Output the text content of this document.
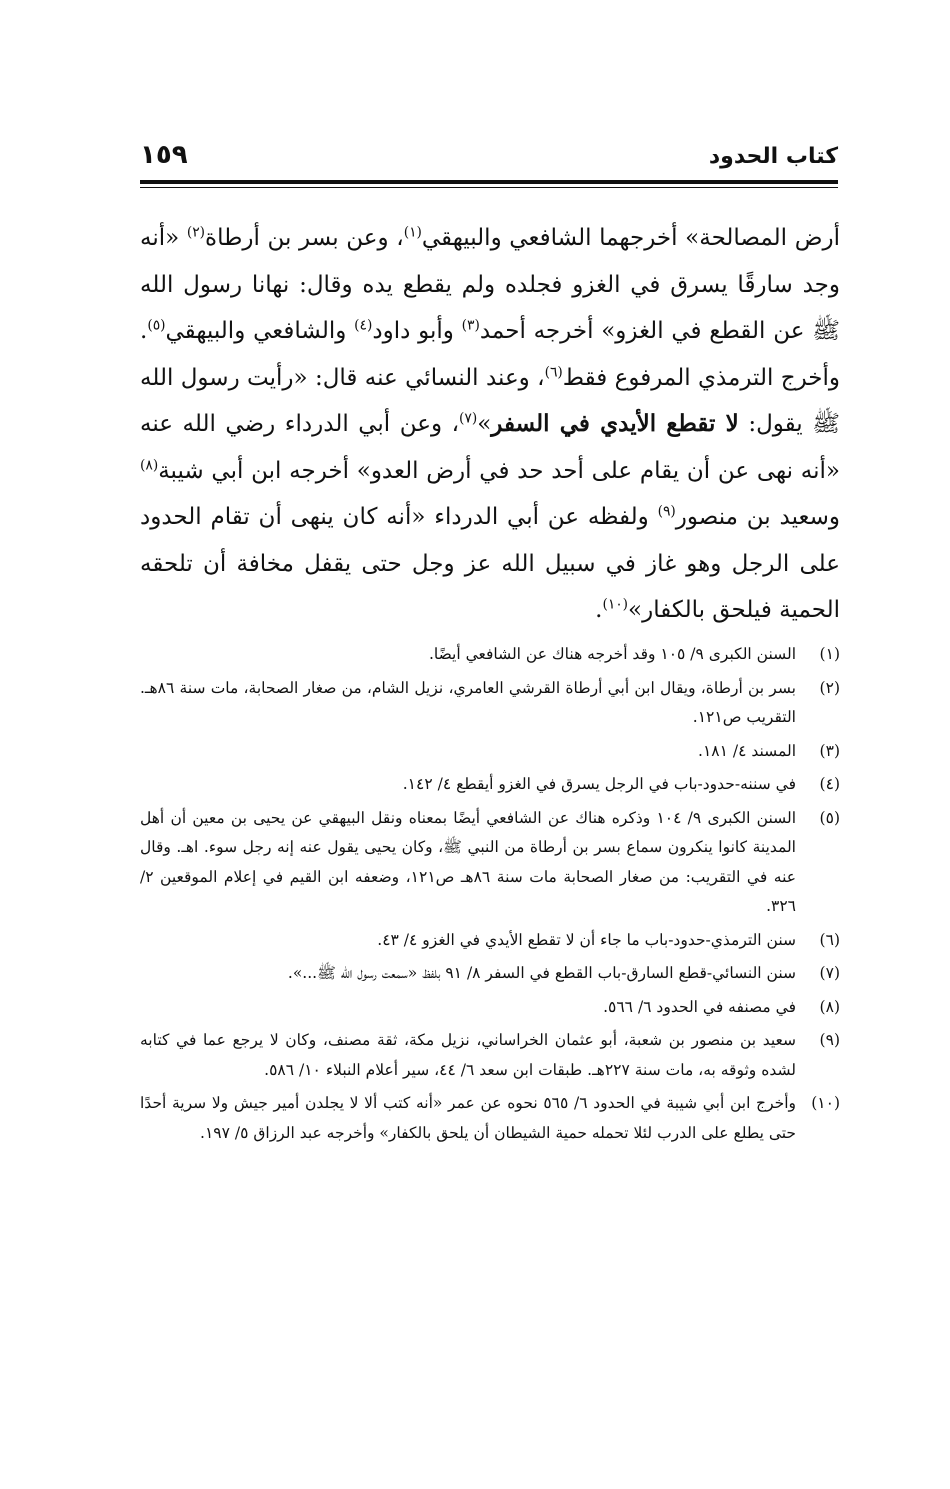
كتاب الحدود
١٥٩
أرض المصالحة» أخرجهما الشافعي والبيهقي$^{(١)}$، وعن بسر بن أرطاة$^{(٢)}$ «أنه وجد سارقًا يسرق في الغزو فجلده ولم يقطع يده وقال: نهانا رسول الله ﷺ عن القطع في الغزو» أخرجه أحمد$^{(٣)}$ وأبو داود$^{(٤)}$ والشافعي والبيهقي$^{(٥)}$. وأخرج الترمذي المرفوع فقط$^{(٦)}$، وعند النسائي عنه قال: «رأيت رسول الله ﷺ يقول: لا تقطع الأيدي في السفر»$^{(٧)}$، وعن أبي الدرداء رضي الله عنه «أنه نهى عن أن يقام على أحد حد في أرض العدو» أخرجه ابن أبي شيبة$^{(٨)}$ وسعيد بن منصور$^{(٩)}$ ولفظه عن أبي الدرداء «أنه كان ينهى أن تقام الحدود على الرجل وهو غاز في سبيل الله عز وجل حتى يقفل مخافة أن تلحقه الحمية فيلحق بالكفار»$^{(١٠)}$.
(١)
السنن الكبرى ٩/ ١٠٥ وقد أخرجه هناك عن الشافعي أيضًا.
(٢)
بسر بن أرطاة، ويقال ابن أبي أرطاة القرشي العامري، نزيل الشام، من صغار الصحابة، مات سنة ٨٦هـ. التقريب ص١٢١.
(٣)
المسند ٤/ ١٨١.
(٤)
في سننه-حدود-باب في الرجل يسرق في الغزو أيقطع ٤/ ١٤٢.
(٥)
السنن الكبرى ٩/ ١٠٤ وذكره هناك عن الشافعي أيضًا بمعناه ونقل البيهقي عن يحيى بن معين أن أهل المدينة كانوا ينكرون سماع بسر بن أرطاة من النبي ﷺ، وكان يحيى يقول عنه إنه رجل سوء. اهـ. وقال عنه في التقريب: من صغار الصحابة مات سنة ٨٦هـ ص١٢١، وضعفه ابن القيم في إعلام الموقعين ٢/ ٣٢٦.
(٦)
سنن الترمذي-حدود-باب ما جاء أن لا تقطع الأيدي في الغزو ٤/ ٤٣.
(٧)
سنن النسائي-قطع السارق-باب القطع في السفر ٨/ ٩١ بلفظ «سمعت رسول الله ﷺ...».
(٨)
في مصنفه في الحدود ٦/ ٥٦٦.
(٩)
سعيد بن منصور بن شعبة، أبو عثمان الخراساني، نزيل مكة، ثقة مصنف، وكان لا يرجع عما في كتابه لشده وثوقه به، مات سنة ٢٢٧هـ. طبقات ابن سعد ٦/ ٤٤، سير أعلام النبلاء ١٠/ ٥٨٦.
(١٠)
وأخرج ابن أبي شيبة في الحدود ٦/ ٥٦٥ نحوه عن عمر «أنه كتب ألا لا يجلدن أمير جيش ولا سرية أحدًا حتى يطلع على الدرب لئلا تحمله حمية الشيطان أن يلحق بالكفار» وأخرجه عبد الرزاق ٥/ ١٩٧.
